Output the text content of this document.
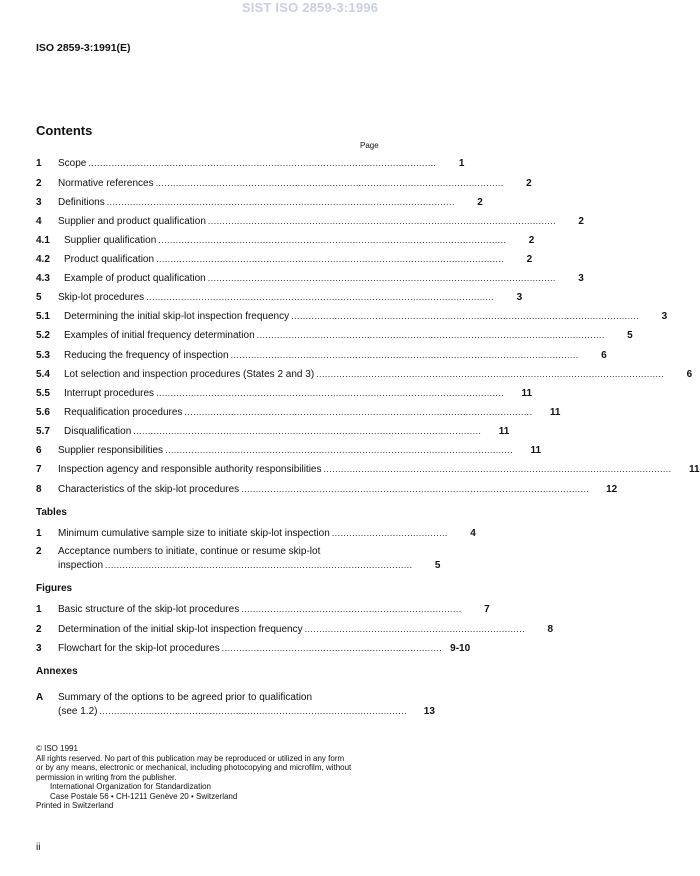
SIST ISO 2859-3:1996
ISO 2859-3:1991(E)
Contents
Page
1	Scope ........................................................................................................................	1
2	Normative references ........................................................................................................................	2
3	Definitions ........................................................................................................................	2
4	Supplier and product qualification ........................................................................................................................	2
4.1	Supplier qualification ........................................................................................................................	2
4.2	Product qualification ........................................................................................................................	2
4.3	Example of product qualification ........................................................................................................................	3
5	Skip-lot procedures ........................................................................................................................	3
5.1	Determining the initial skip-lot inspection frequency ........................................................................................................................	3
5.2	Examples of initial frequency determination ........................................................................................................................	5
5.3	Reducing the frequency of inspection ........................................................................................................................	6
5.4	Lot selection and inspection procedures (States 2 and 3) ........................................................................................................................	6
5.5	Interrupt procedures ........................................................................................................................	11
5.6	Requalification procedures ........................................................................................................................	11
5.7	Disqualification ........................................................................................................................	11
6	Supplier responsibilities ........................................................................................................................	11
7	Inspection agency and responsible authority responsibilities ........................................................................................................................	11
8	Characteristics of the skip-lot procedures ........................................................................................................................	12
Tables
1	Minimum cumulative sample size to initiate skip-lot inspection ........................................	4
2 Acceptance numbers to initiate, continue or resume skip-lot
inspection ..........................................................................................................	5
Figures
1	Basic structure of the skip-lot procedures ............................................................................	7
2	Determination of the initial skip-lot inspection frequency ............................................................................	8
3	Flowchart for the skip-lot procedures ............................................................................ 9-10
Annexes
A Summary of the options to be agreed prior to qualification
(see 1.2) ..........................................................................................................	13
© ISO 1991
All rights reserved. No part of this publication may be reproduced or utilized in any form
or by any means, electronic or mechanical, including photocopying and microfilm, without
permission in writing from the publisher.
International Organization for Standardization
Case Postale 56 • CH-1211 Genève 20 • Switzerland
Printed in Switzerland
ii
